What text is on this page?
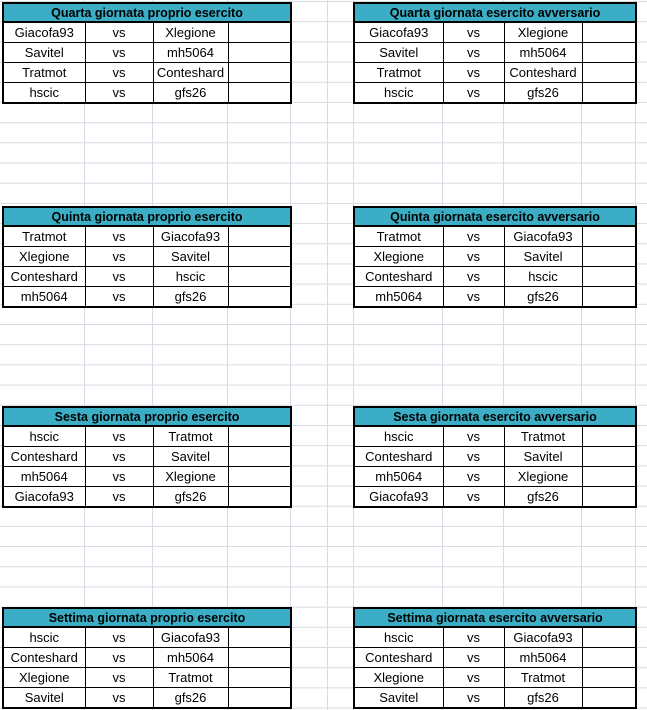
Quarta giornata proprio esercito			
Giacofa93	vs	Xlegione	
Savitel	vs	mh5064	
Tratmot	vs	Conteshard	
hscic	vs	gfs26	
Quarta giornata esercito avversario			
Giacofa93	vs	Xlegione	
Savitel	vs	mh5064	
Tratmot	vs	Conteshard	
hscic	vs	gfs26	
Quinta giornata proprio esercito			
Tratmot	vs	Giacofa93	
Xlegione	vs	Savitel	
Conteshard	vs	hscic	
mh5064	vs	gfs26	
Quinta giornata esercito avversario			
Tratmot	vs	Giacofa93	
Xlegione	vs	Savitel	
Conteshard	vs	hscic	
mh5064	vs	gfs26	
Sesta giornata proprio esercito			
hscic	vs	Tratmot	
Conteshard	vs	Savitel	
mh5064	vs	Xlegione	
Giacofa93	vs	gfs26	
Sesta giornata esercito avversario			
hscic	vs	Tratmot	
Conteshard	vs	Savitel	
mh5064	vs	Xlegione	
Giacofa93	vs	gfs26	
Settima giornata proprio esercito			
hscic	vs	Giacofa93	
Conteshard	vs	mh5064	
Xlegione	vs	Tratmot	
Savitel	vs	gfs26	
Settima giornata esercito avversario			
hscic	vs	Giacofa93	
Conteshard	vs	mh5064	
Xlegione	vs	Tratmot	
Savitel	vs	gfs26	
